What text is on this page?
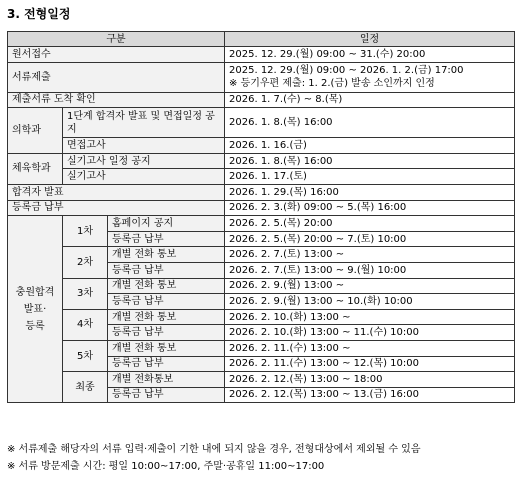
3. 전형일정
구분			일정
원서접수			2025. 12. 29.(월) 09:00 ~ 31.(수) 20:00
서류제출			2025. 12. 29.(월) 09:00 ~ 2026. 1. 2.(금) 17:00
※ 등기우편 제출: 1. 2.(금) 발송 소인까지 인정

제출서류 도착 확인			2026. 1. 7.(수) ~ 8.(목)
의학과	1단계 합격자 발표 및 면접일정 공지		2026. 1. 8.(목) 16:00
	면접고사		2026. 1. 16.(금)
체육학과	실기고사 일정 공지		2026. 1. 8.(목) 16:00
	실기고사		2026. 1. 17.(토)
합격자 발표			2026. 1. 29.(목) 16:00
등록금 납부			2026. 2. 3.(화) 09:00 ~ 5.(목) 16:00

충원합격
발표·
등록	1차	홈페이지 공지	2026. 2. 5.(목) 20:00
		등록금 납부	2026. 2. 5.(목) 20:00 ~ 7.(토) 10:00
	2차	개별 전화 통보	2026. 2. 7.(토) 13:00 ~
		등록금 납부	2026. 2. 7.(토) 13:00 ~ 9.(월) 10:00
	3차	개별 전화 통보	2026. 2. 9.(월) 13:00 ~
		등록금 납부	2026. 2. 9.(월) 13:00 ~ 10.(화) 10:00
	4차	개별 전화 통보	2026. 2. 10.(화) 13:00 ~
		등록금 납부	2026. 2. 10.(화) 13:00 ~ 11.(수) 10:00
	5차	개별 전화 통보	2026. 2. 11.(수) 13:00 ~
		등록금 납부	2026. 2. 11.(수) 13:00 ~ 12.(목) 10:00
	최종	개별 전화통보	2026. 2. 12.(목) 13:00 ~ 18:00
		등록금 납부	2026. 2. 12.(목) 13:00 ~ 13.(금) 16:00
※ 서류제출 해당자의 서류 입력·제출이 기한 내에 되지 않을 경우, 전형대상에서 제외될 수 있음
※ 서류 방문제출 시간: 평일 10:00~17:00, 주말·공휴일 11:00~17:00
